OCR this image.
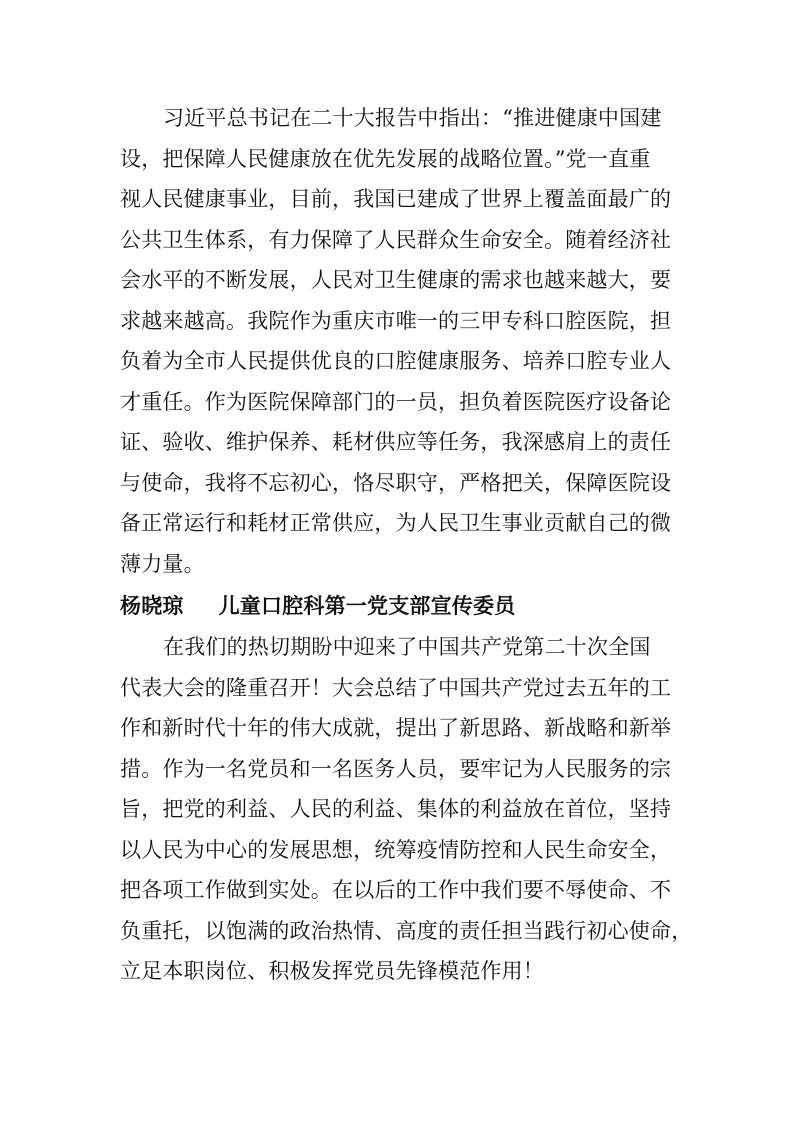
习近平总书记在二十大报告中指出：“推进健康中国建
设，把保障人民健康放在优先发展的战略位置。”党一直重
视人民健康事业，目前，我国已建成了世界上覆盖面最广的
公共卫生体系，有力保障了人民群众生命安全。随着经济社
会水平的不断发展，人民对卫生健康的需求也越来越大，要
求越来越高。我院作为重庆市唯一的三甲专科口腔医院，担
负着为全市人民提供优良的口腔健康服务、培养口腔专业人
才重任。作为医院保障部门的一员，担负着医院医疗设备论
证、验收、维护保养、耗材供应等任务，我深感肩上的责任
与使命，我将不忘初心，恪尽职守，严格把关，保障医院设
备正常运行和耗材正常供应，为人民卫生事业贡献自己的微
薄力量。
杨晓琼 儿童口腔科第一党支部宣传委员
在我们的热切期盼中迎来了中国共产党第二十次全国
代表大会的隆重召开！大会总结了中国共产党过去五年的工
作和新时代十年的伟大成就，提出了新思路、新战略和新举
措。作为一名党员和一名医务人员，要牢记为人民服务的宗
旨，把党的利益、人民的利益、集体的利益放在首位，坚持
以人民为中心的发展思想，统筹疫情防控和人民生命安全，
把各项工作做到实处。在以后的工作中我们要不辱使命、不
负重托，以饱满的政治热情、高度的责任担当践行初心使命，
立足本职岗位、积极发挥党员先锋模范作用！
